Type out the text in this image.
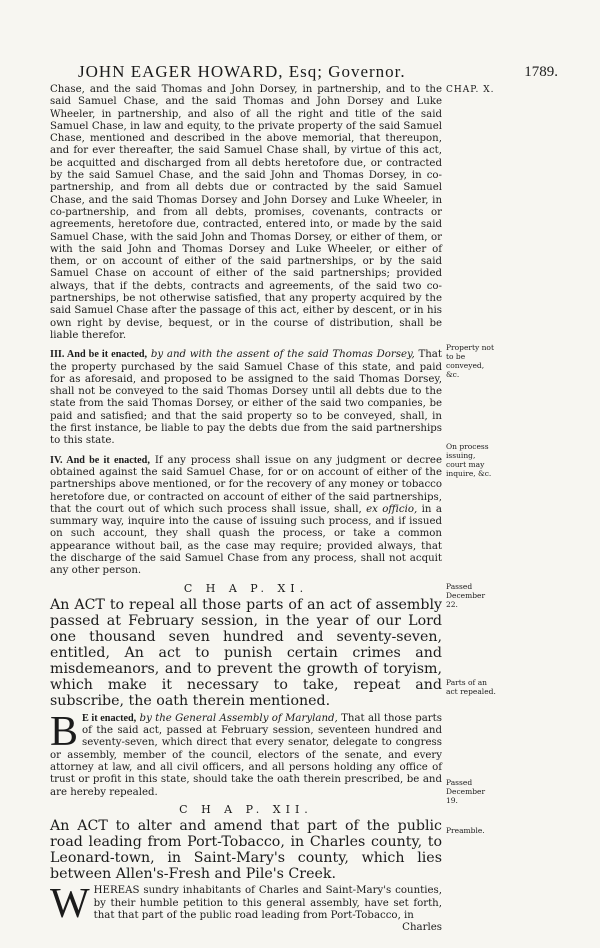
JOHN EAGER HOWARD, Esq; Governor.	1789.
CHAP. X.
Property not to be conveyed, &c.
On process issuing, court may inquire, &c.
Passed December 22.
Parts of an act repealed.
Passed December 19.
Preamble.

Chase, and the said Thomas and John Dorsey, in partnership, and to the said Samuel Chase, and the said Thomas and John Dorsey and Luke Wheeler, in partnership, and also of all the right and title of the said Samuel Chase, in law and equity, to the private property of the said Samuel Chase, mentioned and described in the above memorial, that thereupon, and for ever thereafter, the said Samuel Chase shall, by virtue of this act, be acquitted and discharged from all debts heretofore due, or contracted by the said Samuel Chase, and the said John and Thomas Dorsey, in co-partnership, and from all debts due or contracted by the said Samuel Chase, and the said Thomas Dorsey and John Dorsey and Luke Wheeler, in co-partnership, and from all debts, promises, covenants, contracts or agreements, heretofore due, contracted, entered into, or made by the said Samuel Chase, with the said John and Thomas Dorsey, or either of them, or with the said John and Thomas Dorsey and Luke Wheeler, or either of them, or on account of either of the said partnerships, or by the said Samuel Chase on account of either of the said partnerships; provided always, that if the debts, contracts and agreements, of the said two co-partnerships, be not otherwise satisfied, that any property acquired by the said Samuel Chase after the passage of this act, either by descent, or in his own right by devise, bequest, or in the course of distribution, shall be liable therefor.

III. And be it enacted, by and with the assent of the said Thomas Dorsey, That the property purchased by the said Samuel Chase of this state, and paid for as aforesaid, and proposed to be assigned to the said Thomas Dorsey, shall not be conveyed to the said Thomas Dorsey until all debts due to the state from the said Thomas Dorsey, or either of the said two companies, be paid and satisfied; and that the said property so to be conveyed, shall, in the first instance, be liable to pay the debts due from the said partnerships to this state.

IV. And be it enacted, If any process shall issue on any judgment or decree obtained against the said Samuel Chase, for or on account of either of the partnerships above mentioned, or for the recovery of any money or tobacco heretofore due, or contracted on account of either of the said partnerships, that the court out of which such process shall issue, shall, ex officio, in a summary way, inquire into the cause of issuing such process, and if issued on such account, they shall quash the process, or take a common appearance without bail, as the case may require; provided always, that the discharge of the said Samuel Chase from any process, shall not acquit any other person.

C H A P. XI.

An ACT to repeal all those parts of an act of assembly passed at February session, in the year of our Lord one thousand seven hundred and seventy-seven, entitled, An act to punish certain crimes and misdemeanors, and to prevent the growth of toryism, which make it necessary to take, repeat and subscribe, the oath therein mentioned.

B E it enacted, by the General Assembly of Maryland, That all those parts of the said act, passed at February session, seventeen hundred and seventy-seven, which direct that every senator, delegate to congress or assembly, member of the council, electors of the senate, and every attorney at law, and all civil officers, and all persons holding any office of trust or profit in this state, should take the oath therein prescribed, be and are hereby repealed.

C H A P. XII.

An ACT to alter and amend that part of the public road leading from Port-Tobacco, in Charles county, to Leonard-town, in Saint-Mary's county, which lies between Allen's-Fresh and Pile's Creek.

W HEREAS sundry inhabitants of Charles and Saint-Mary's counties, by their humble petition to this general assembly, have set forth, that that part of the public road leading from Port-Tobacco, in

Charles
